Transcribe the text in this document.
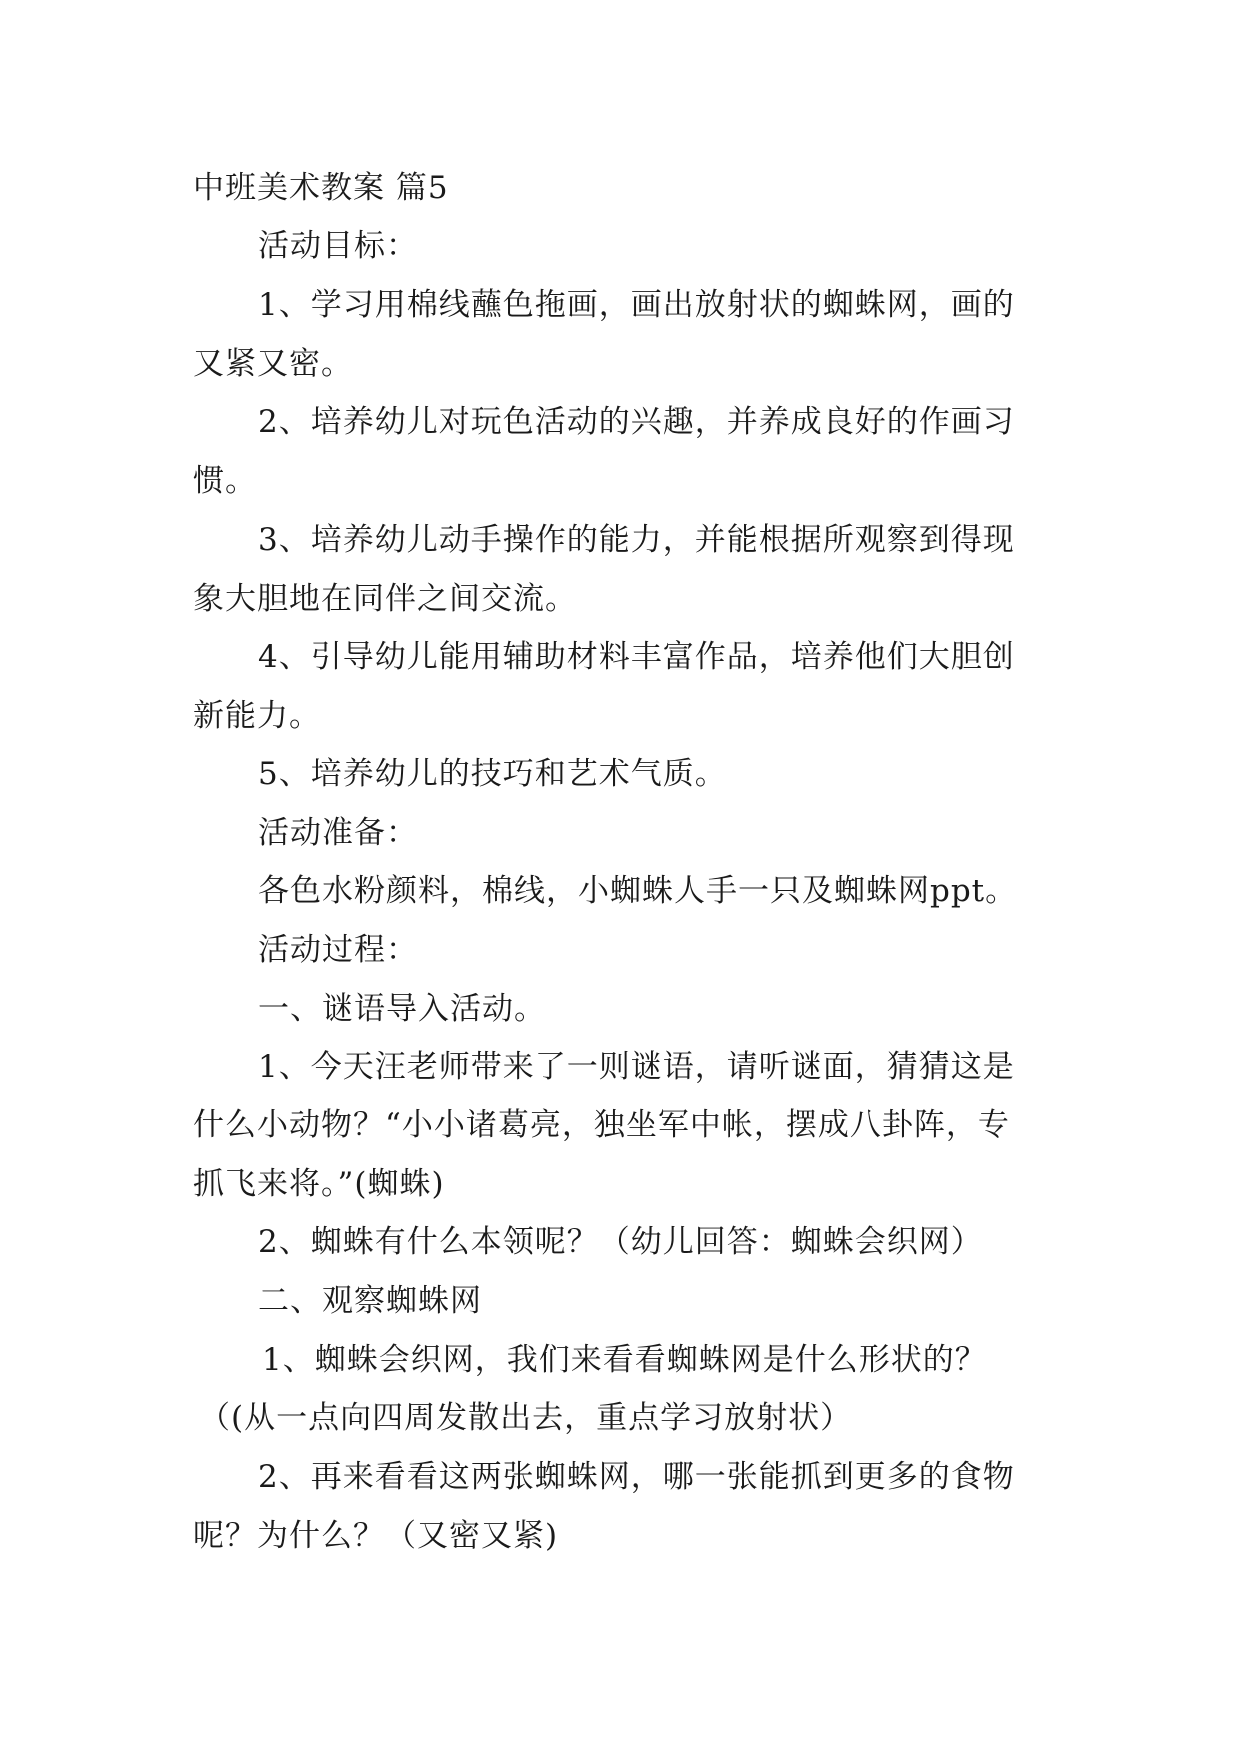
中班美术教案 篇5
活动目标：
1、学习用棉线蘸色拖画，画出放射状的蜘蛛网，画的
又紧又密。
2、培养幼儿对玩色活动的兴趣，并养成良好的作画习
惯。
3、培养幼儿动手操作的能力，并能根据所观察到得现
象大胆地在同伴之间交流。
4、引导幼儿能用辅助材料丰富作品，培养他们大胆创
新能力。
5、培养幼儿的技巧和艺术气质。
活动准备：
各色水粉颜料，棉线，小蜘蛛人手一只及蜘蛛网ppt。
活动过程：
一、谜语导入活动。
1、今天汪老师带来了一则谜语，请听谜面，猜猜这是
什么小动物？“小小诸葛亮，独坐军中帐，摆成八卦阵，专
抓飞来将。”(蜘蛛)
2、蜘蛛有什么本领呢？（幼儿回答：蜘蛛会织网）
二、观察蜘蛛网
1、蜘蛛会织网，我们来看看蜘蛛网是什么形状的？
（(从一点向四周发散出去，重点学习放射状）
2、再来看看这两张蜘蛛网，哪一张能抓到更多的食物
呢？为什么？（又密又紧)
